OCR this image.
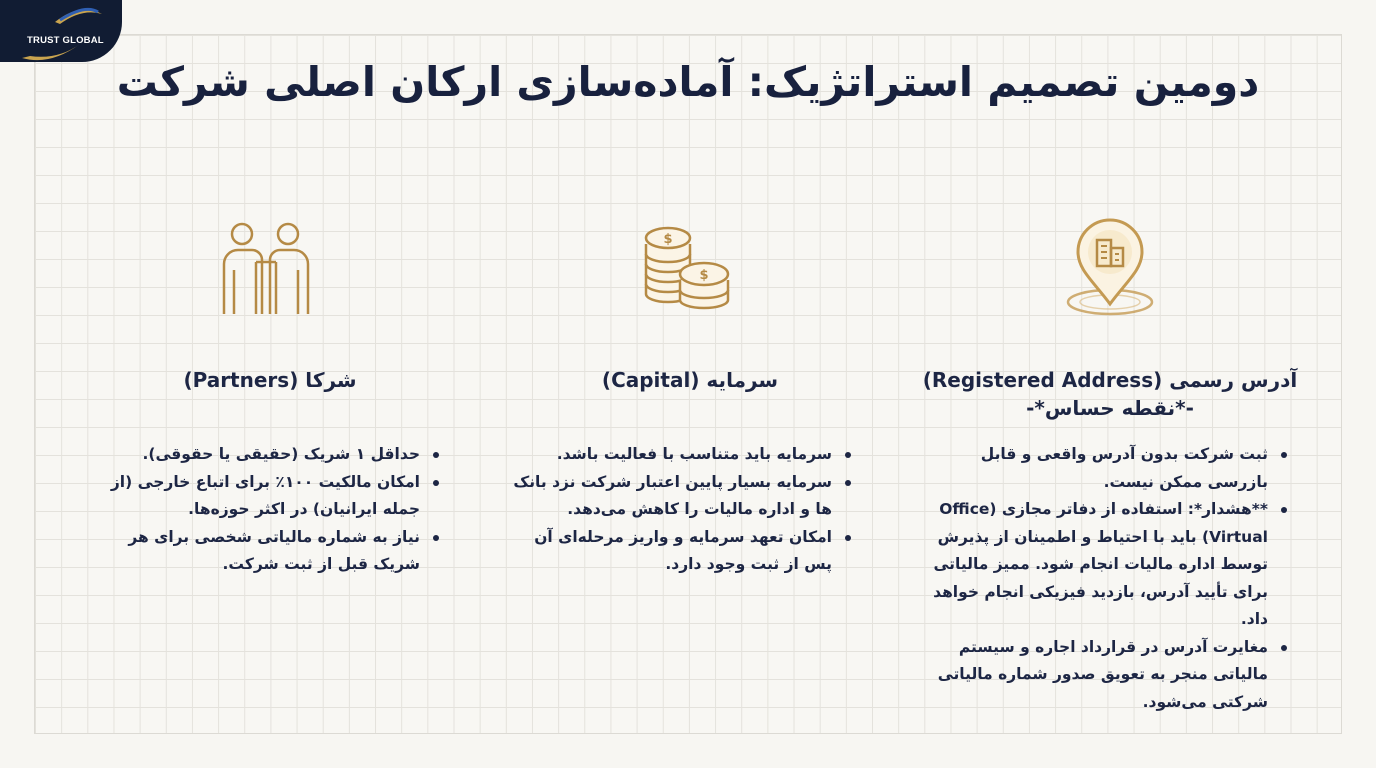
TRUST GLOBAL
دومین تصمیم استراتژیک: آماده‌سازی ارکان اصلی شرکت
آدرس رسمی (Registered Address)
-*نقطه حساس*-
ثبت شرکت بدون آدرس واقعی و قابل بازرسی ممکن نیست.
**هشدار*: استفاده از دفاتر مجازی (Office Virtual) باید با احتیاط و اطمینان از پذیرش توسط اداره مالیات انجام شود. ممیز مالیاتی برای تأیید آدرس، بازدید فیزیکی انجام خواهد داد.
مغایرت آدرس در قرارداد اجاره و سیستم مالیاتی منجر به تعویق صدور شماره مالیاتی شرکتی می‌شود.
$
$
سرمایه (Capital)
سرمایه باید متناسب با فعالیت باشد.
سرمایه بسیار پایین اعتبار شرکت نزد بانک ها و اداره مالیات را کاهش می‌دهد.
امکان تعهد سرمایه و واریز مرحله‌ای آن پس از ثبت وجود دارد.
شرکا (Partners)
حداقل ۱ شریک (حقیقی یا حقوقی).
امکان مالکیت ۱۰۰٪ برای اتباع خارجی (از جمله ایرانیان) در اکثر حوزه‌ها.
نیاز به شماره مالیاتی شخصی برای هر شریک قبل از ثبت شرکت.
